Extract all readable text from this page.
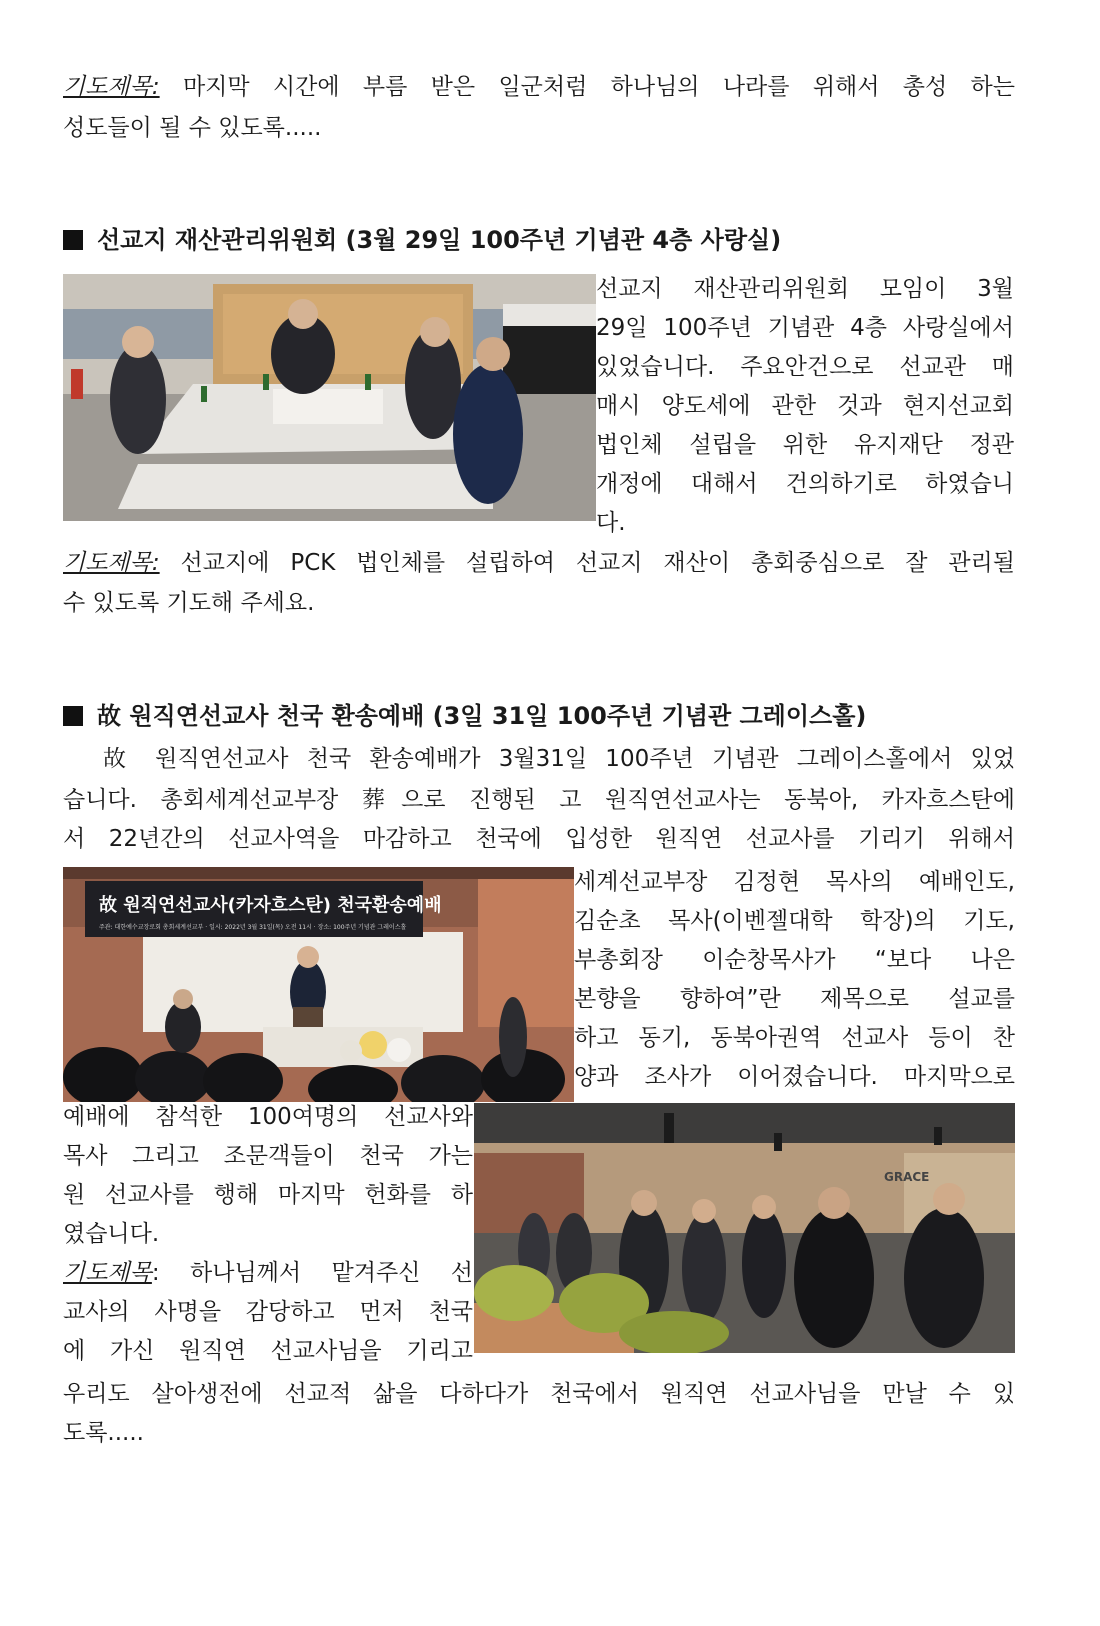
기도제목: 마지막 시간에 부름 받은 일군처럼 하나님의 나라를 위해서 총성 하는
성도들이 될 수 있도록.....
선교지 재산관리위원회 (3월 29일 100주년 기념관 4층 사랑실)
선교지 재산관리위원회 모임이 3월
29일 100주년 기념관 4층 사랑실에서
있었습니다. 주요안건으로 선교관 매
매시 양도세에 관한 것과 현지선교회
법인체 설립을 위한 유지재단 정관
개정에 대해서 건의하기로 하였습니
다.
기도제목: 선교지에 PCK 법인체를 설립하여 선교지 재산이 총회중심으로 잘 관리될
수 있도록 기도해 주세요.
故 원직연선교사 천국 환송예배 (3일 31일 100주년 기념관 그레이스홀)
故 원직연선교사 천국 환송예배가 3월31일 100주년 기념관 그레이스홀에서 있었
습니다. 총회세계선교부장 葬으로 진행된 고 원직연선교사는 동북아, 카자흐스탄에
서 22년간의 선교사역을 마감하고 천국에 입성한 원직연 선교사를 기리기 위해서
故 원직연선교사(카자흐스탄) 천국환송예배
주관: 대한예수교장로회 총회세계선교부 · 일시: 2022년 3월 31일(목) 오전 11시 · 장소: 100주년 기념관 그레이스홀
세계선교부장 김정현 목사의 예배인도,
김순초 목사(이벤젤대학 학장)의 기도,
부총회장 이순창목사가 “보다 나은
본향을 향하여”란 제목으로 설교를
하고 동기, 동북아권역 선교사 등이 찬
양과 조사가 이어졌습니다. 마지막으로
GRACE
예배에 참석한 100여명의 선교사와
목사 그리고 조문객들이 천국 가는
원 선교사를 행해 마지막 헌화를 하
였습니다.
기도제목: 하나님께서 맡겨주신 선
교사의 사명을 감당하고 먼저 천국
에 가신 원직연 선교사님을 기리고
우리도 살아생전에 선교적 삶을 다하다가 천국에서 원직연 선교사님을 만날 수 있
도록.....
